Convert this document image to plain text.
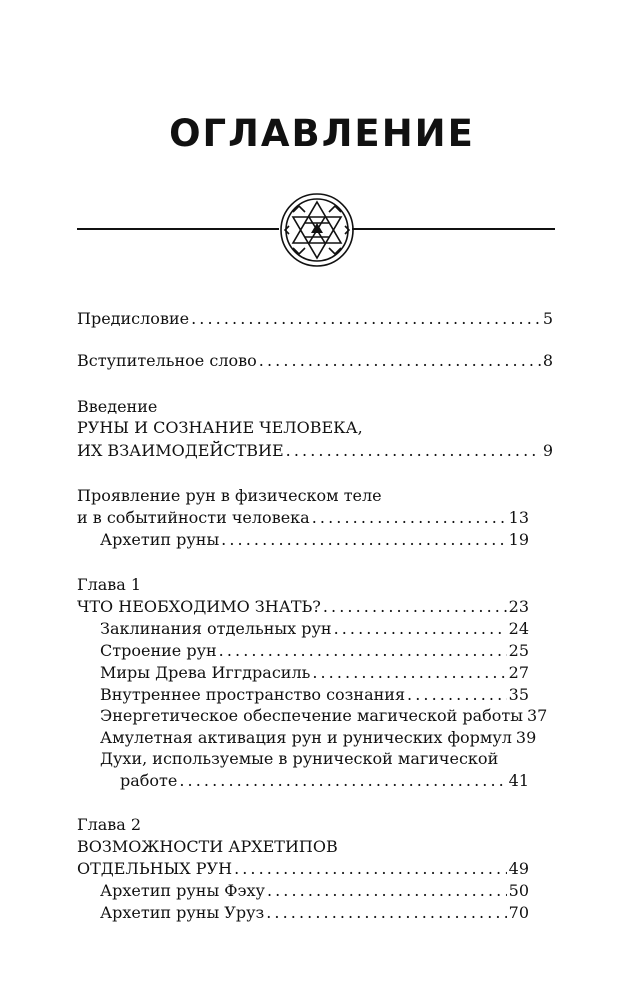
ОГЛАВЛЕНИЕ
Предисловие .....	5
Вступительное слово .....	8
Введение
РУНЫ И СОЗНАНИЕ ЧЕЛОВЕКА,
ИХ ВЗАИМОДЕЙСТВИЕ .....	9
Проявление рун в физическом теле
и в событийности человека .....	13
Архетип руны .....	19
Глава 1
ЧТО НЕОБХОДИМО ЗНАТЬ? .....	23
Заклинания отдельных рун .....	24
Строение рун .....	25
Миры Древа Иггдрасиль .....	27
Внутреннее пространство сознания .....	35
Энергетическое обеспечение магической работы 37
Амулетная активация рун и рунических формул 39
Духи, используемые в рунической магической
работе .....	41
Глава 2
ВОЗМОЖНОСТИ АРХЕТИПОВ
ОТДЕЛЬНЫХ РУН .....	49
Архетип руны Фэху .....	50
Архетип руны Уруз .....	70
